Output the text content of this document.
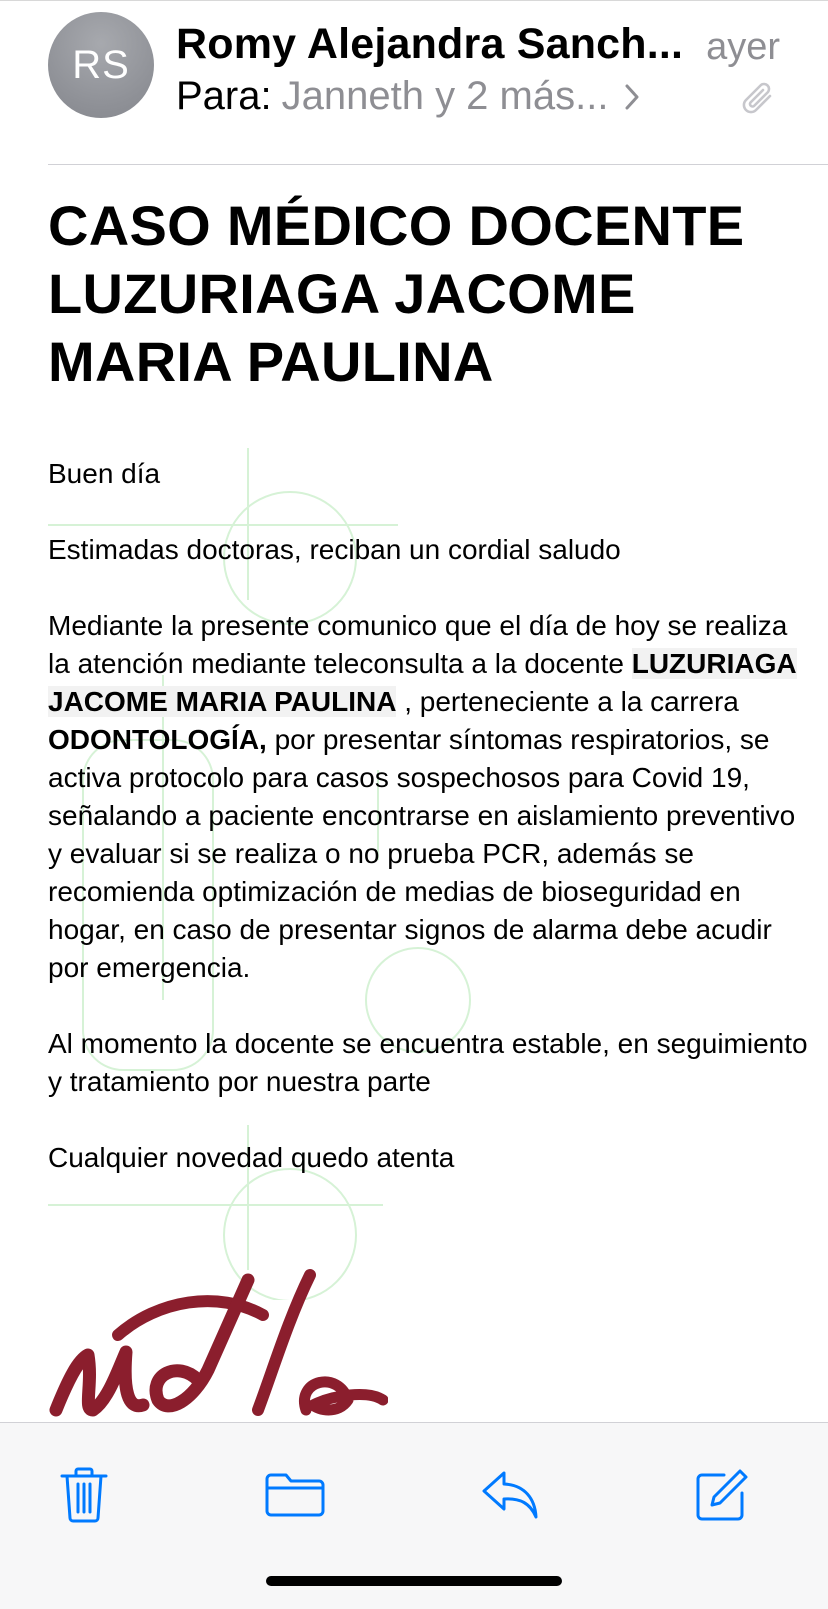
RS Romy Alejandra Sanch... ayer
Para: Janneth y 2 más...
CASO MÉDICO DOCENTE
LUZURIAGA JACOME
MARIA PAULINA

Buen día

Estimadas doctoras, reciban un cordial saludo

Mediante la presente comunico que el día de hoy se realiza la atención mediante teleconsulta a la docente LUZURIAGA JACOME MARIA PAULINA , perteneciente a la carrera ODONTOLOGÍA, por presentar síntomas respiratorios, se activa protocolo para casos sospechosos para Covid 19, señalando a paciente encontrarse en aislamiento preventivo y evaluar si se realiza o no prueba PCR, además se recomienda optimización de medias de bioseguridad en hogar, en caso de presentar signos de alarma debe acudir por emergencia.

Al momento la docente se encuentra estable, en seguimiento y tratamiento por nuestra parte

Cualquier novedad quedo atenta
